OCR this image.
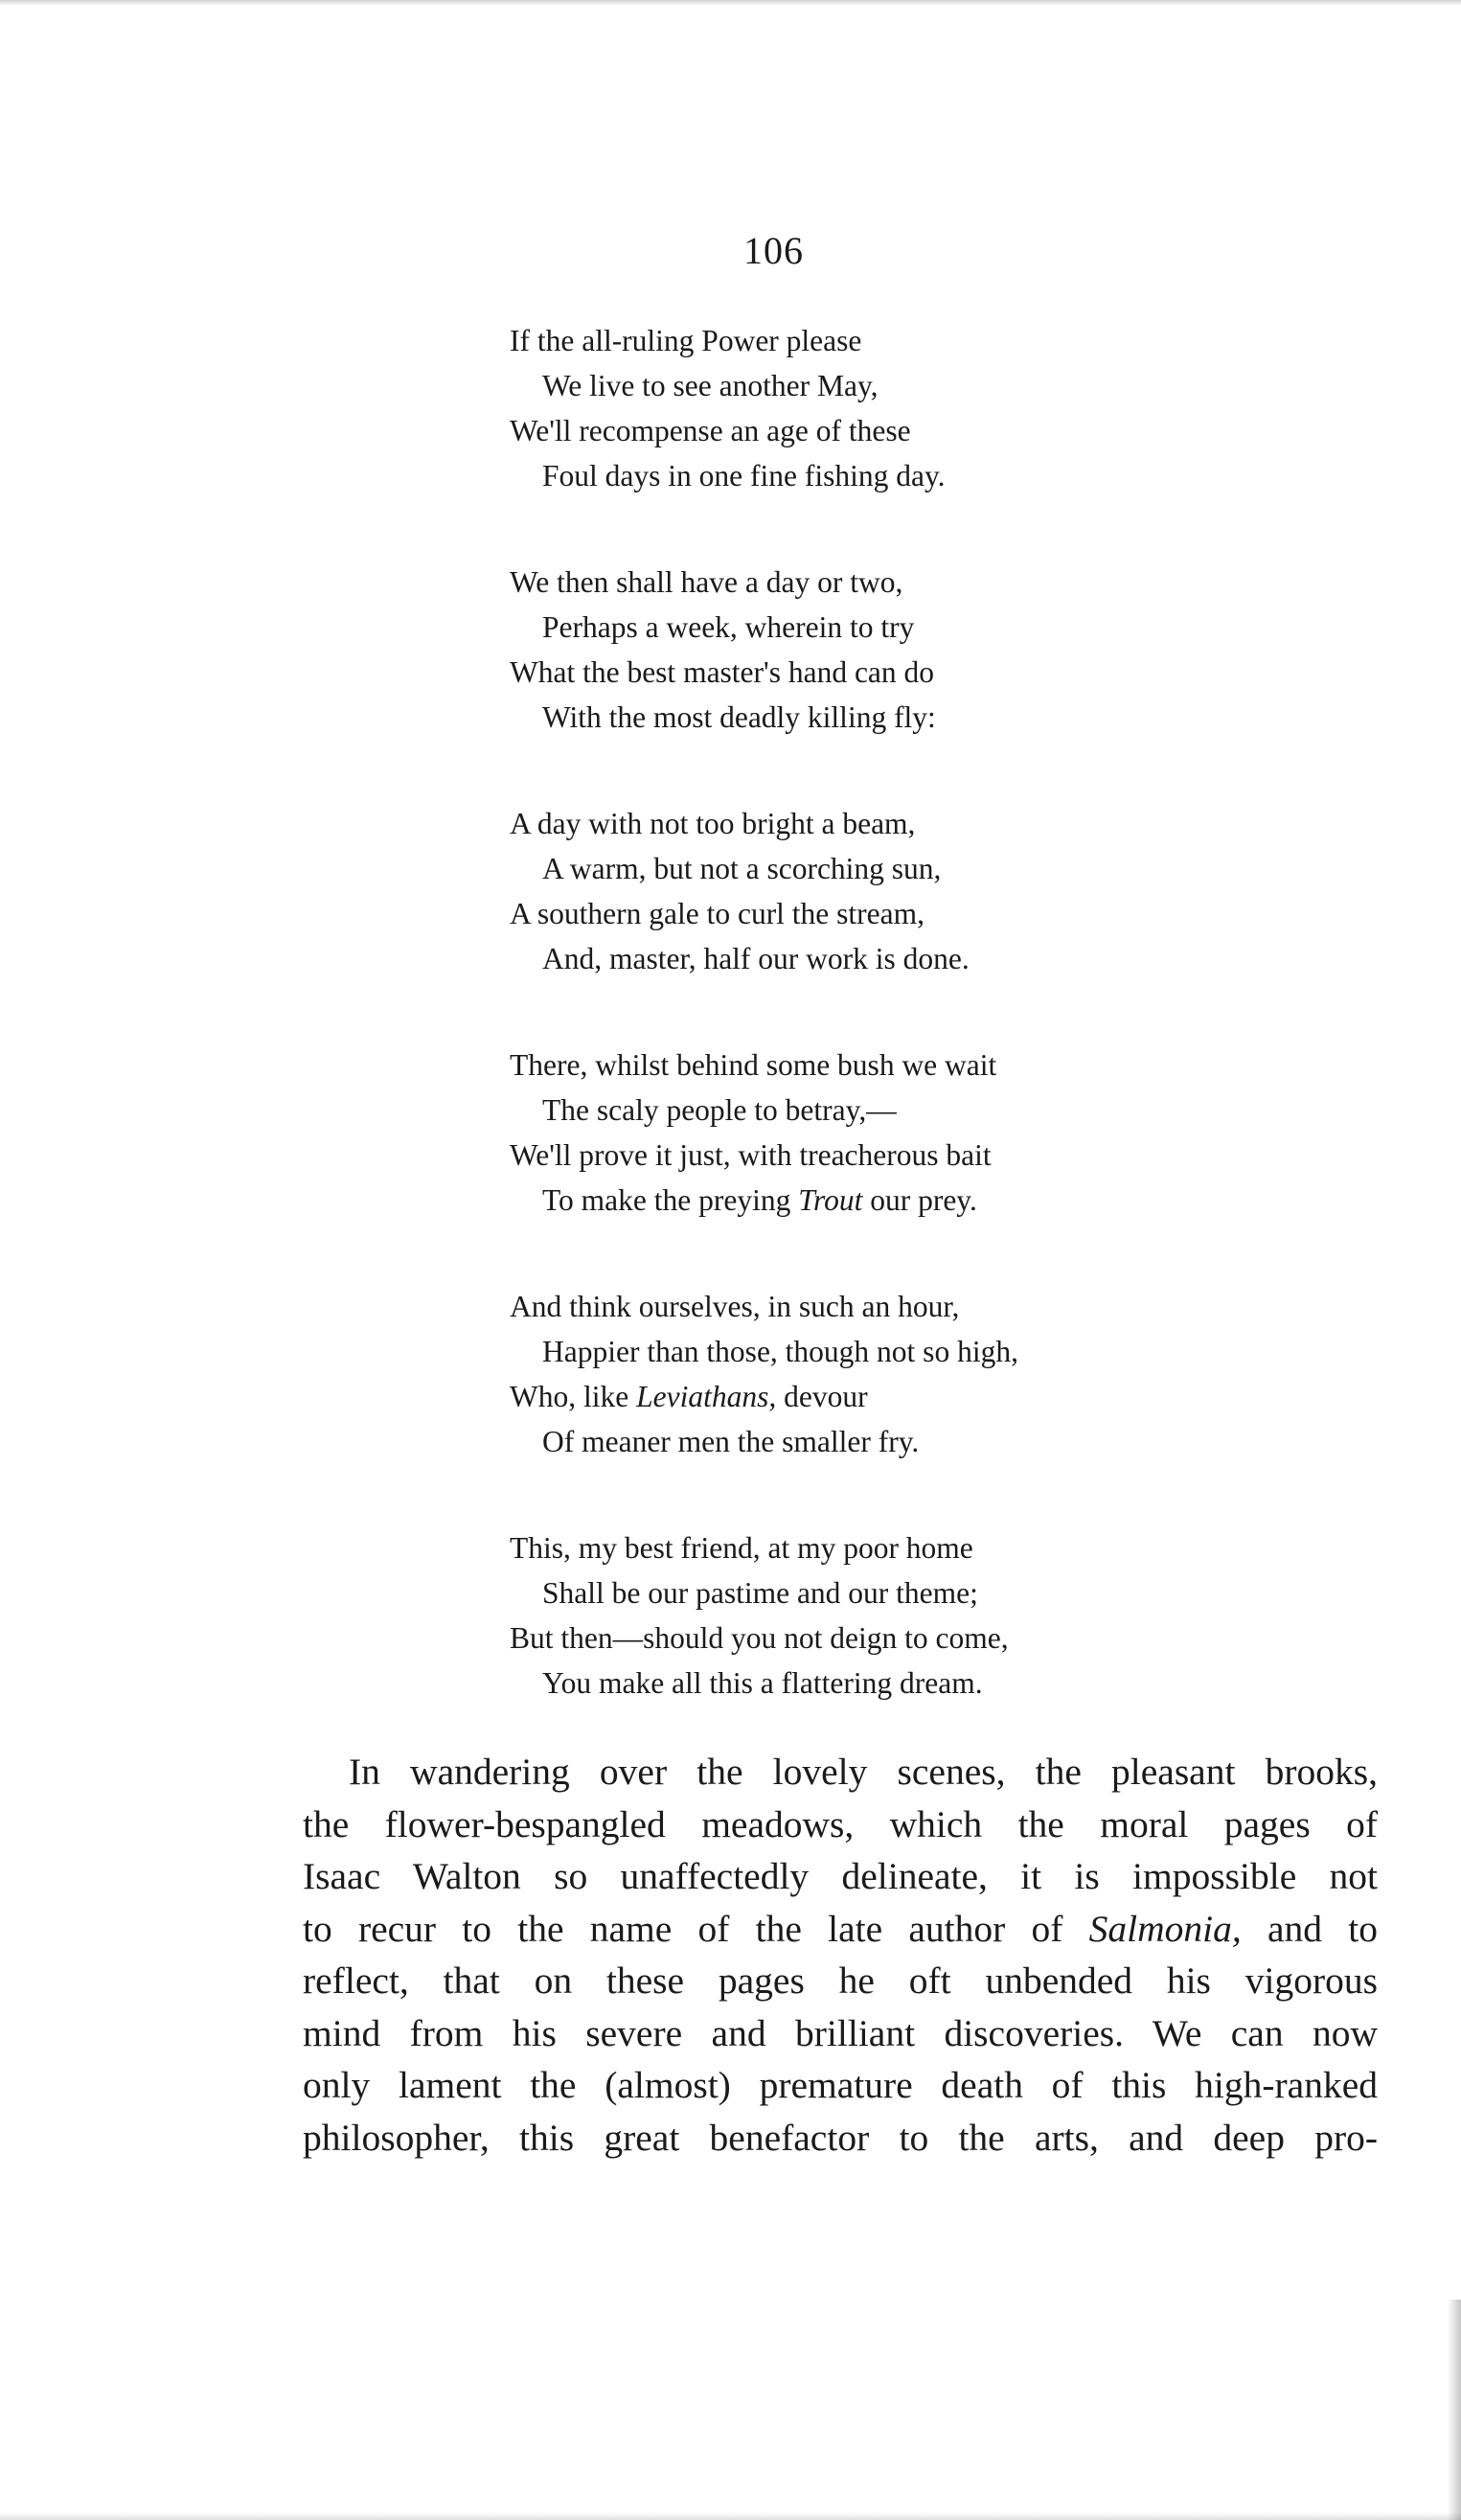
106
If the all-ruling Power please
We live to see another May,
We'll recompense an age of these
Foul days in one fine fishing day.
We then shall have a day or two,
Perhaps a week, wherein to try
What the best master's hand can do
With the most deadly killing fly:
A day with not too bright a beam,
A warm, but not a scorching sun,
A southern gale to curl the stream,
And, master, half our work is done.
There, whilst behind some bush we wait
The scaly people to betray,—
We'll prove it just, with treacherous bait
To make the preying Trout our prey.
And think ourselves, in such an hour,
Happier than those, though not so high,
Who, like Leviathans, devour
Of meaner men the smaller fry.
This, my best friend, at my poor home
Shall be our pastime and our theme;
But then—should you not deign to come,
You make all this a flattering dream.
In wandering over the lovely scenes, the pleasant brooks,
the flower-bespangled meadows, which the moral pages of
Isaac Walton so unaffectedly delineate, it is impossible not
to recur to the name of the late author of Salmonia, and to
reflect, that on these pages he oft unbended his vigorous
mind from his severe and brilliant discoveries. We can now
only lament the (almost) premature death of this high-ranked
philosopher, this great benefactor to the arts, and deep pro-
